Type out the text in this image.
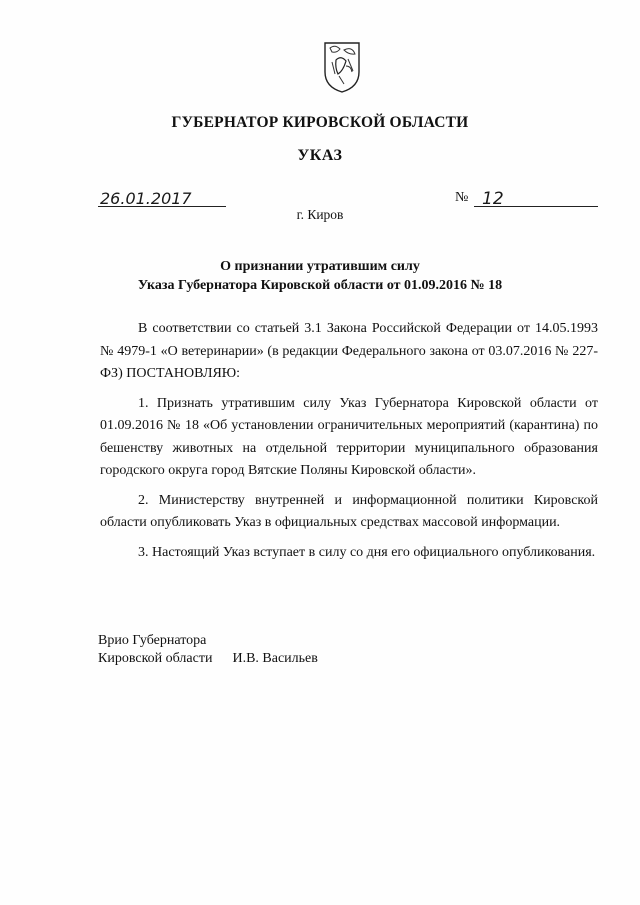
ГУБЕРНАТОР КИРОВСКОЙ ОБЛАСТИ
УКАЗ
26.01.2017	№ 12
г. Киров
О признании утратившим силу
Указа Губернатора Кировской области от 01.09.2016 № 18

В соответствии со статьей 3.1 Закона Российской Федерации от 14.05.1993 № 4979-1 «О ветеринарии» (в редакции Федерального закона от 03.07.2016 № 227-ФЗ) ПОСТАНОВЛЯЮ:

1. Признать утратившим силу Указ Губернатора Кировской области от 01.09.2016 № 18 «Об установлении ограничительных мероприятий (карантина) по бешенству животных на отдельной территории муниципального образования городского округа город Вятские Поляны Кировской области».

2. Министерству внутренней и информационной политики Кировской области опубликовать Указ в официальных средствах массовой информации.

3. Настоящий Указ вступает в силу со дня его официального опубликования.

Врио Губернатора
Кировской области И.В. Васильев
